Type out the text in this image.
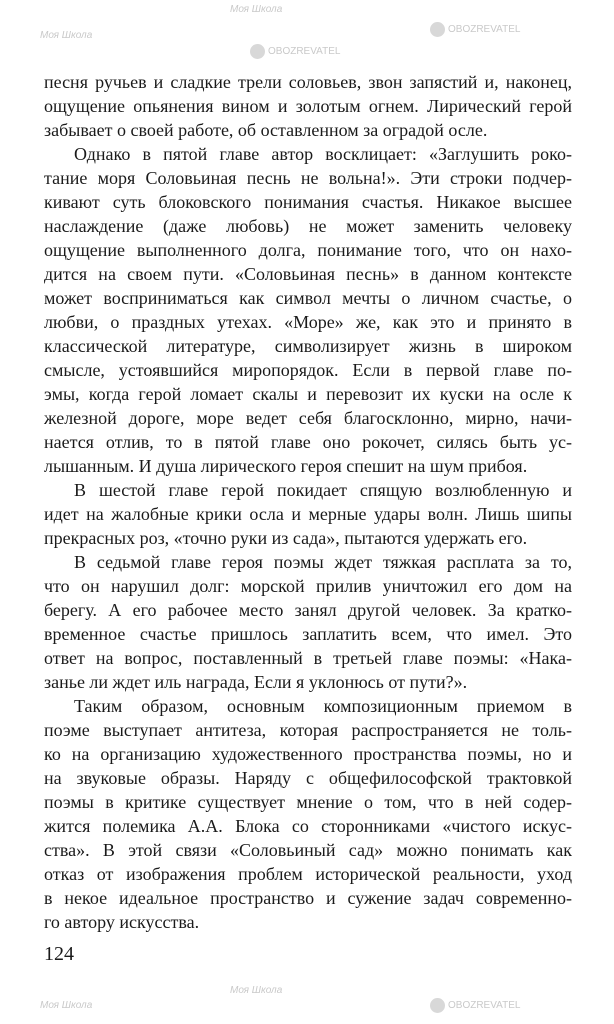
Моя Школа
OBOZREVATEL
Моя Школа
OBOZREVATEL
Моя Школа
OBOZREVATEL
Моя Школа
песня ручьев и сладкие трели соловьев, звон запястий и, наконец,
ощущение опьянения вином и золотым огнем. Лирический герой
забывает о своей работе, об оставленном за оградой осле.
Однако в пятой главе автор восклицает: «Заглушить роко-
тание моря Соловьиная песнь не вольна!». Эти строки подчер-
кивают суть блоковского понимания счастья. Никакое высшее
наслаждение (даже любовь) не может заменить человеку
ощущение выполненного долга, понимание того, что он нахо-
дится на своем пути. «Соловьиная песнь» в данном контексте
может восприниматься как символ мечты о личном счастье, о
любви, о праздных утехах. «Море» же, как это и принято в
классической литературе, символизирует жизнь в широком
смысле, устоявшийся миропорядок. Если в первой главе по-
эмы, когда герой ломает скалы и перевозит их куски на осле к
железной дороге, море ведет себя благосклонно, мирно, начи-
нается отлив, то в пятой главе оно рокочет, силясь быть ус-
лышанным. И душа лирического героя спешит на шум прибоя.
В шестой главе герой покидает спящую возлюбленную и
идет на жалобные крики осла и мерные удары волн. Лишь шипы
прекрасных роз, «точно руки из сада», пытаются удержать его.
В седьмой главе героя поэмы ждет тяжкая расплата за то,
что он нарушил долг: морской прилив уничтожил его дом на
берегу. А его рабочее место занял другой человек. За кратко-
временное счастье пришлось заплатить всем, что имел. Это
ответ на вопрос, поставленный в третьей главе поэмы: «Нака-
занье ли ждет иль награда, Если я уклонюсь от пути?».
Таким образом, основным композиционным приемом в
поэме выступает антитеза, которая распространяется не толь-
ко на организацию художественного пространства поэмы, но и
на звуковые образы. Наряду с общефилософской трактовкой
поэмы в критике существует мнение о том, что в ней содер-
жится полемика А.А. Блока со сторонниками «чистого искус-
ства». В этой связи «Соловьиный сад» можно понимать как
отказ от изображения проблем исторической реальности, уход
в некое идеальное пространство и сужение задач современно-
го автору искусства.
124
